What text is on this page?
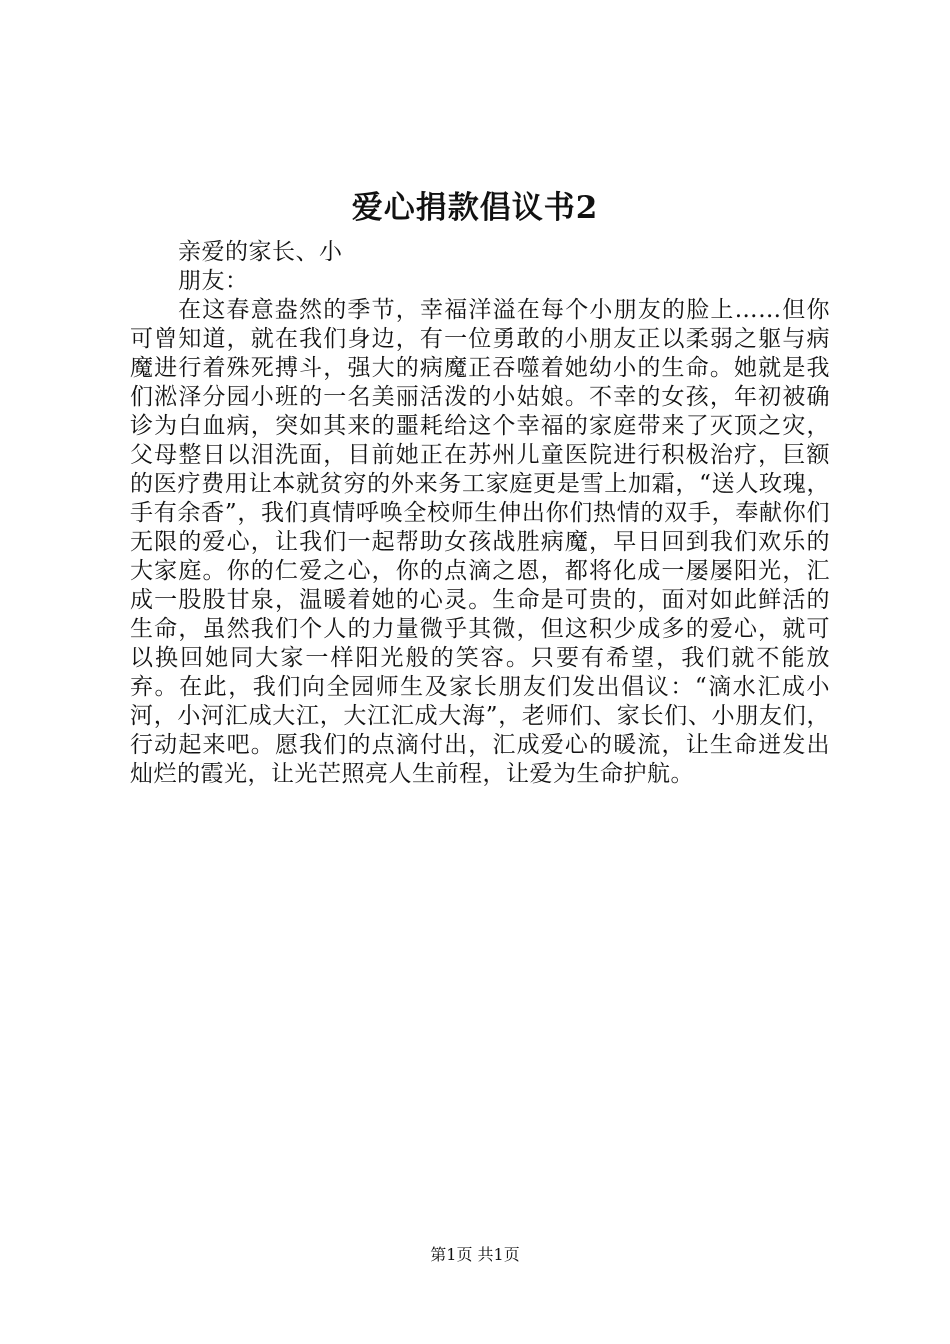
爱心捐款倡议书2

亲爱的家长、小

朋友：

在这春意盎然的季节，幸福洋溢在每个小朋友的脸上……但你可曾知道，就在我们身边，有一位勇敢的小朋友正以柔弱之躯与病魔进行着殊死搏斗，强大的病魔正吞噬着她幼小的生命。她就是我们淞泽分园小班的一名美丽活泼的小姑娘。不幸的女孩，年初被确诊为白血病，突如其来的噩耗给这个幸福的家庭带来了灭顶之灾，父母整日以泪洗面，目前她正在苏州儿童医院进行积极治疗，巨额的医疗费用让本就贫穷的外来务工家庭更是雪上加霜，“送人玫瑰，手有余香”，我们真情呼唤全校师生伸出你们热情的双手，奉献你们无限的爱心，让我们一起帮助女孩战胜病魔，早日回到我们欢乐的大家庭。你的仁爱之心，你的点滴之恩，都将化成一屡屡阳光，汇成一股股甘泉，温暖着她的心灵。生命是可贵的，面对如此鲜活的生命，虽然我们个人的力量微乎其微，但这积少成多的爱心，就可以换回她同大家一样阳光般的笑容。只要有希望，我们就不能放弃。在此，我们向全园师生及家长朋友们发出倡议：“滴水汇成小河，小河汇成大江，大江汇成大海”，老师们、家长们、小朋友们，行动起来吧。愿我们的点滴付出，汇成爱心的暖流，让生命迸发出灿烂的霞光，让光芒照亮人生前程，让爱为生命护航。

第1页 共1页
